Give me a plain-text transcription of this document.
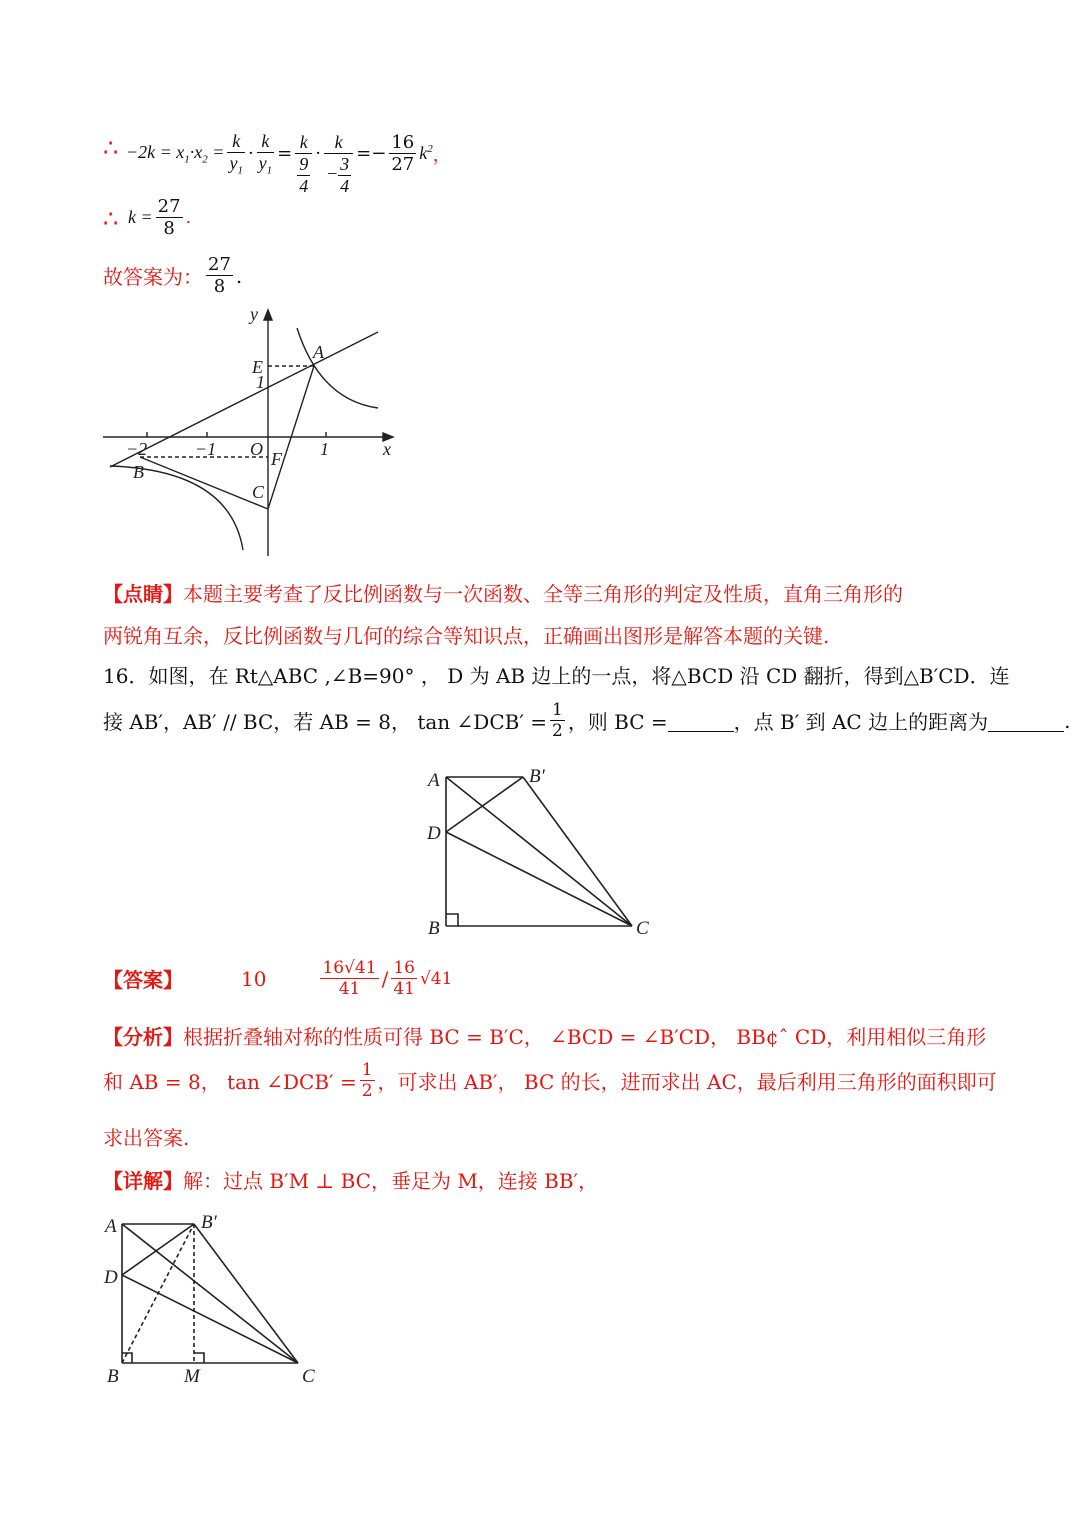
∴ $-2k = x_1\cdot x_2 = \frac{k}{y_1} \cdot \frac{k}{y_1} = \frac{k}{\frac{9}{4}} \cdot \frac{k}{- \frac{3}{4}}$ = − $\frac{16}{27} k^2$ ，
∴ $k = \frac{27}{8}$ .
故答案为： $\frac{27}{8}$ .
y
x
A
E
1
O	1
−1
−2
B
F
C
【点睛】本题主要考查了反比例函数与一次函数、全等三角形的判定及性质，直角三角形的
两锐角互余，反比例函数与几何的综合等知识点，正确画出图形是解答本题的关键.
16．如图，在 Rt△ABC ,∠B=90° ， D 为 AB 边上的一点，将△BCD 沿 CD 翻折，得到△B′CD．连
接 AB′，AB′ // BC，若 AB = 8， tan ∠DCB′ = $\frac{1}{2}$ ，则 BC =	，点 B′ 到 AC 边上的距离为	.
A	B′
D
B	C
【答案】	10	$\frac{16√41}{41} / \frac{16}{41} √41$
【分析】根据折叠轴对称的性质可得 BC = B′C， ∠BCD = ∠B′CD， BB¢ˆ CD，利用相似三角形
和 AB = 8， tan ∠DCB′ = $\frac{1}{2}$ ，可求出 AB′， BC 的长，进而求出 AC，最后利用三角形的面积即可
求出答案.
【详解】解：过点 B′M ⊥ BC，垂足为 M，连接 BB′，
A	B′
D
B	M	C
